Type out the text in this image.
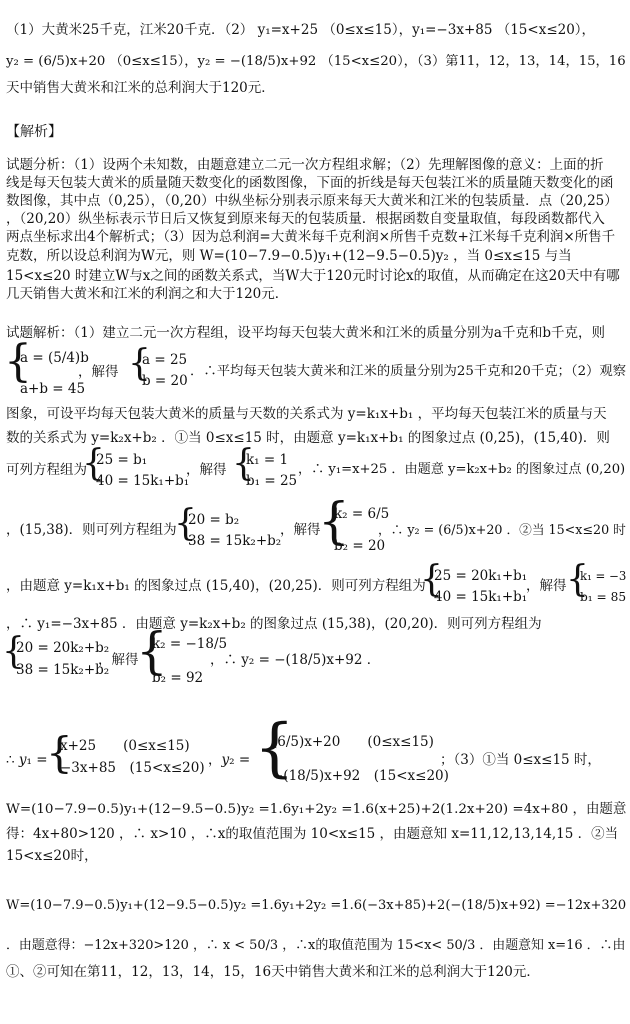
（1）大黄米25千克，江米20千克．（2） y₁=x+25 （0≤x≤15），y₁=−3x+85 （15<x≤20），
y₂ = (6/5)x+20 （0≤x≤15），y₂ = −(18/5)x+92 （15<x≤20），（3）第11，12，13，14，15，16
天中销售大黄米和江米的总利润大于120元．
【解析】
试题分析：（1）设两个未知数，由题意建立二元一次方程组求解；（2）先理解图像的意义：上面的折
线是每天包装大黄米的质量随天数变化的函数图像，下面的折线是每天包装江米的质量随天数变化的函
数图像，其中点（0,25），（0,20）中纵坐标分别表示原来每天大黄米和江米的包装质量．点（20,25）
，（20,20）纵坐标表示节日后又恢复到原来每天的包装质量．根据函数自变量取值，每段函数都代入
两点坐标求出4个解析式；（3）因为总利润=大黄米每千克利润×所售千克数+江米每千克利润×所售千
克数，所以设总利润为W元，则 W=(10−7.9−0.5)y₁+(12−9.5−0.5)y₂ ，当 0≤x≤15 与当
15<x≤20 时建立W与x之间的函数关系式，当W大于120元时讨论x的取值，从而确定在这20天中有哪
几天销售大黄米和江米的利润之和大于120元．
试题解析：（1）建立二元一次方程组，设平均每天包装大黄米和江米的质量分别为a千克和b千克，则
{
a = (5/4)b
a+b = 45
，解得 {
a = 25
b = 20
．∴平均每天包装大黄米和江米的质量分别为25千克和20千克；（2）观察
图象，可设平均每天包装大黄米的质量与天数的关系式为 y=k₁x+b₁ ，平均每天包装江米的质量与天
数的关系式为 y=k₂x+b₂ ．①当 0≤x≤15 时，由题意 y=k₁x+b₁ 的图象过点 (0,25)，(15,40)．则
可列方程组为
{
25 = b₁
40 = 15k₁+b₁
，解得 {
k₁ = 1
b₁ = 25
，∴ y₁=x+25 ．由题意 y=k₂x+b₂ 的图象过点 (0,20)
，(15,38)．则可列方程组为
{
20 = b₂
38 = 15k₂+b₂
，解得
{
k₂ = 6/5
b₂ = 20
，∴ y₂ = (6/5)x+20 ．②当 15<x≤20 时
，由题意 y=k₁x+b₁ 的图象过点 (15,40)，(20,25)．则可列方程组为
{
25 = 20k₁+b₁
40 = 15k₁+b₁
，解得 {
k₁ = −3
b₁ = 85
，∴ y₁=−3x+85 ．由题意 y=k₂x+b₂ 的图象过点 (15,38)，(20,20)．则可列方程组为
{
20 = 20k₂+b₂
38 = 15k₂+b₂
，解得
{
k₂ = −18/5
b₂ = 92
，∴ y₂ = −(18/5)x+92 ．
∴ y₁ =
{
x+25　　(0≤x≤15)
−3x+85　(15<x≤20) ，y₂ = {
(6/5)x+20　　(0≤x≤15)
−(18/5)x+92　(15<x≤20)
；（3）①当 0≤x≤15 时，
W=(10−7.9−0.5)y₁+(12−9.5−0.5)y₂ =1.6y₁+2y₂ =1.6(x+25)+2(1.2x+20) =4x+80 ，由题意
得：4x+80>120 ，∴ x>10 ，∴x的取值范围为 10<x≤15 ，由题意知 x=11,12,13,14,15 ．②当
15<x≤20时，
W=(10−7.9−0.5)y₁+(12−9.5−0.5)y₂ =1.6y₁+2y₂ =1.6(−3x+85)+2(−(18/5)x+92) =−12x+320
．由题意得：−12x+320>120 ，∴ x < 50/3 ，∴x的取值范围为 15<x< 50/3 ．由题意知 x=16 ．∴由
①、②可知在第11，12，13，14，15，16天中销售大黄米和江米的总利润大于120元．
